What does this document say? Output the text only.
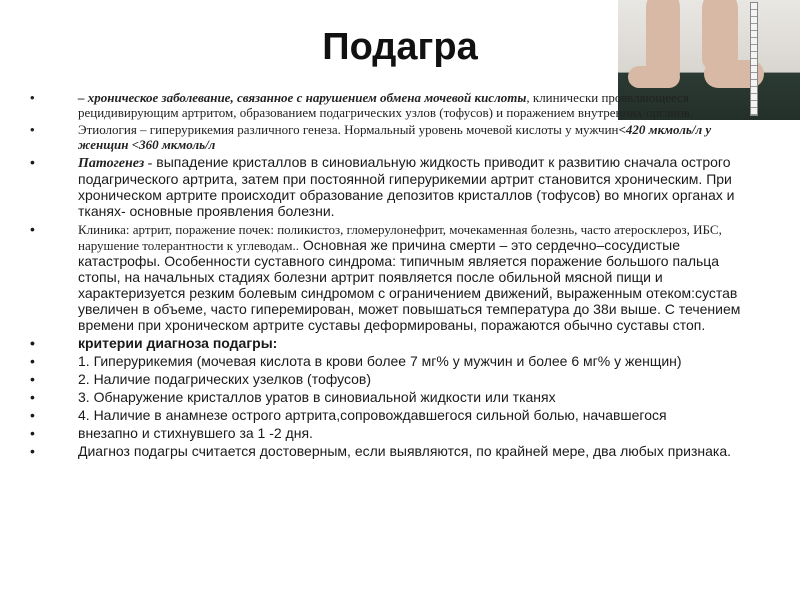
Подагра
• – хроническое заболевание, связанное с нарушением обмена мочевой кислоты, клинически проявляющееся рецидивирующим артритом, образованием подагрических узлов (тофусов) и поражением внутренних органов.
• Этиология – гиперурикемия различного генеза. Нормальный уровень мочевой кислоты у мужчин<420 мкмоль/л у женщин <360 мкмоль/л
• Патогенез - выпадение кристаллов в синовиальную жидкость приводит к развитию сначала острого подагрического артрита, затем при постоянной гиперурикемии артрит становится хроническим. При хроническом артрите происходит образование депозитов кристаллов (тофусов) во многих органах и тканях- основные проявления болезни.
• Клиника: артрит, поражение почек: поликистоз, гломерулонефрит, мочекаменная болезнь, часто атеросклероз, ИБС, нарушение толерантности к углеводам.. Основная же причина смерти – это сердечно–сосудистые катастрофы. Особенности суставного синдрома: типичным является поражение большого пальца стопы, на начальных стадиях болезни артрит появляется после обильной мясной пищи и характеризуется резким болевым синдромом с ограничением движений, выраженным отеком:сустав увеличен в объеме, часто гиперемирован, может повышаться температура до 38и выше. С течением времени при хроническом артрите суставы деформированы, поражаются обычно суставы стоп.
• критерии диагноза подагры:
• 1. Гиперурикемия (мочевая кислота в крови более 7 мг% у мужчин и более 6 мг% у женщин)
• 2. Наличие подагрических узелков (тофусов)
• 3. Обнаружение кристаллов уратов в синовиальной жидкости или тканях
• 4. Наличие в анамнезе острого артрита,сопровождавшегося сильной болью, начавшегося
• внезапно и стихнувшего за 1 -2 дня.
• Диагноз подагры считается достоверным, если выявляются, по крайней мере, два любых признака.
